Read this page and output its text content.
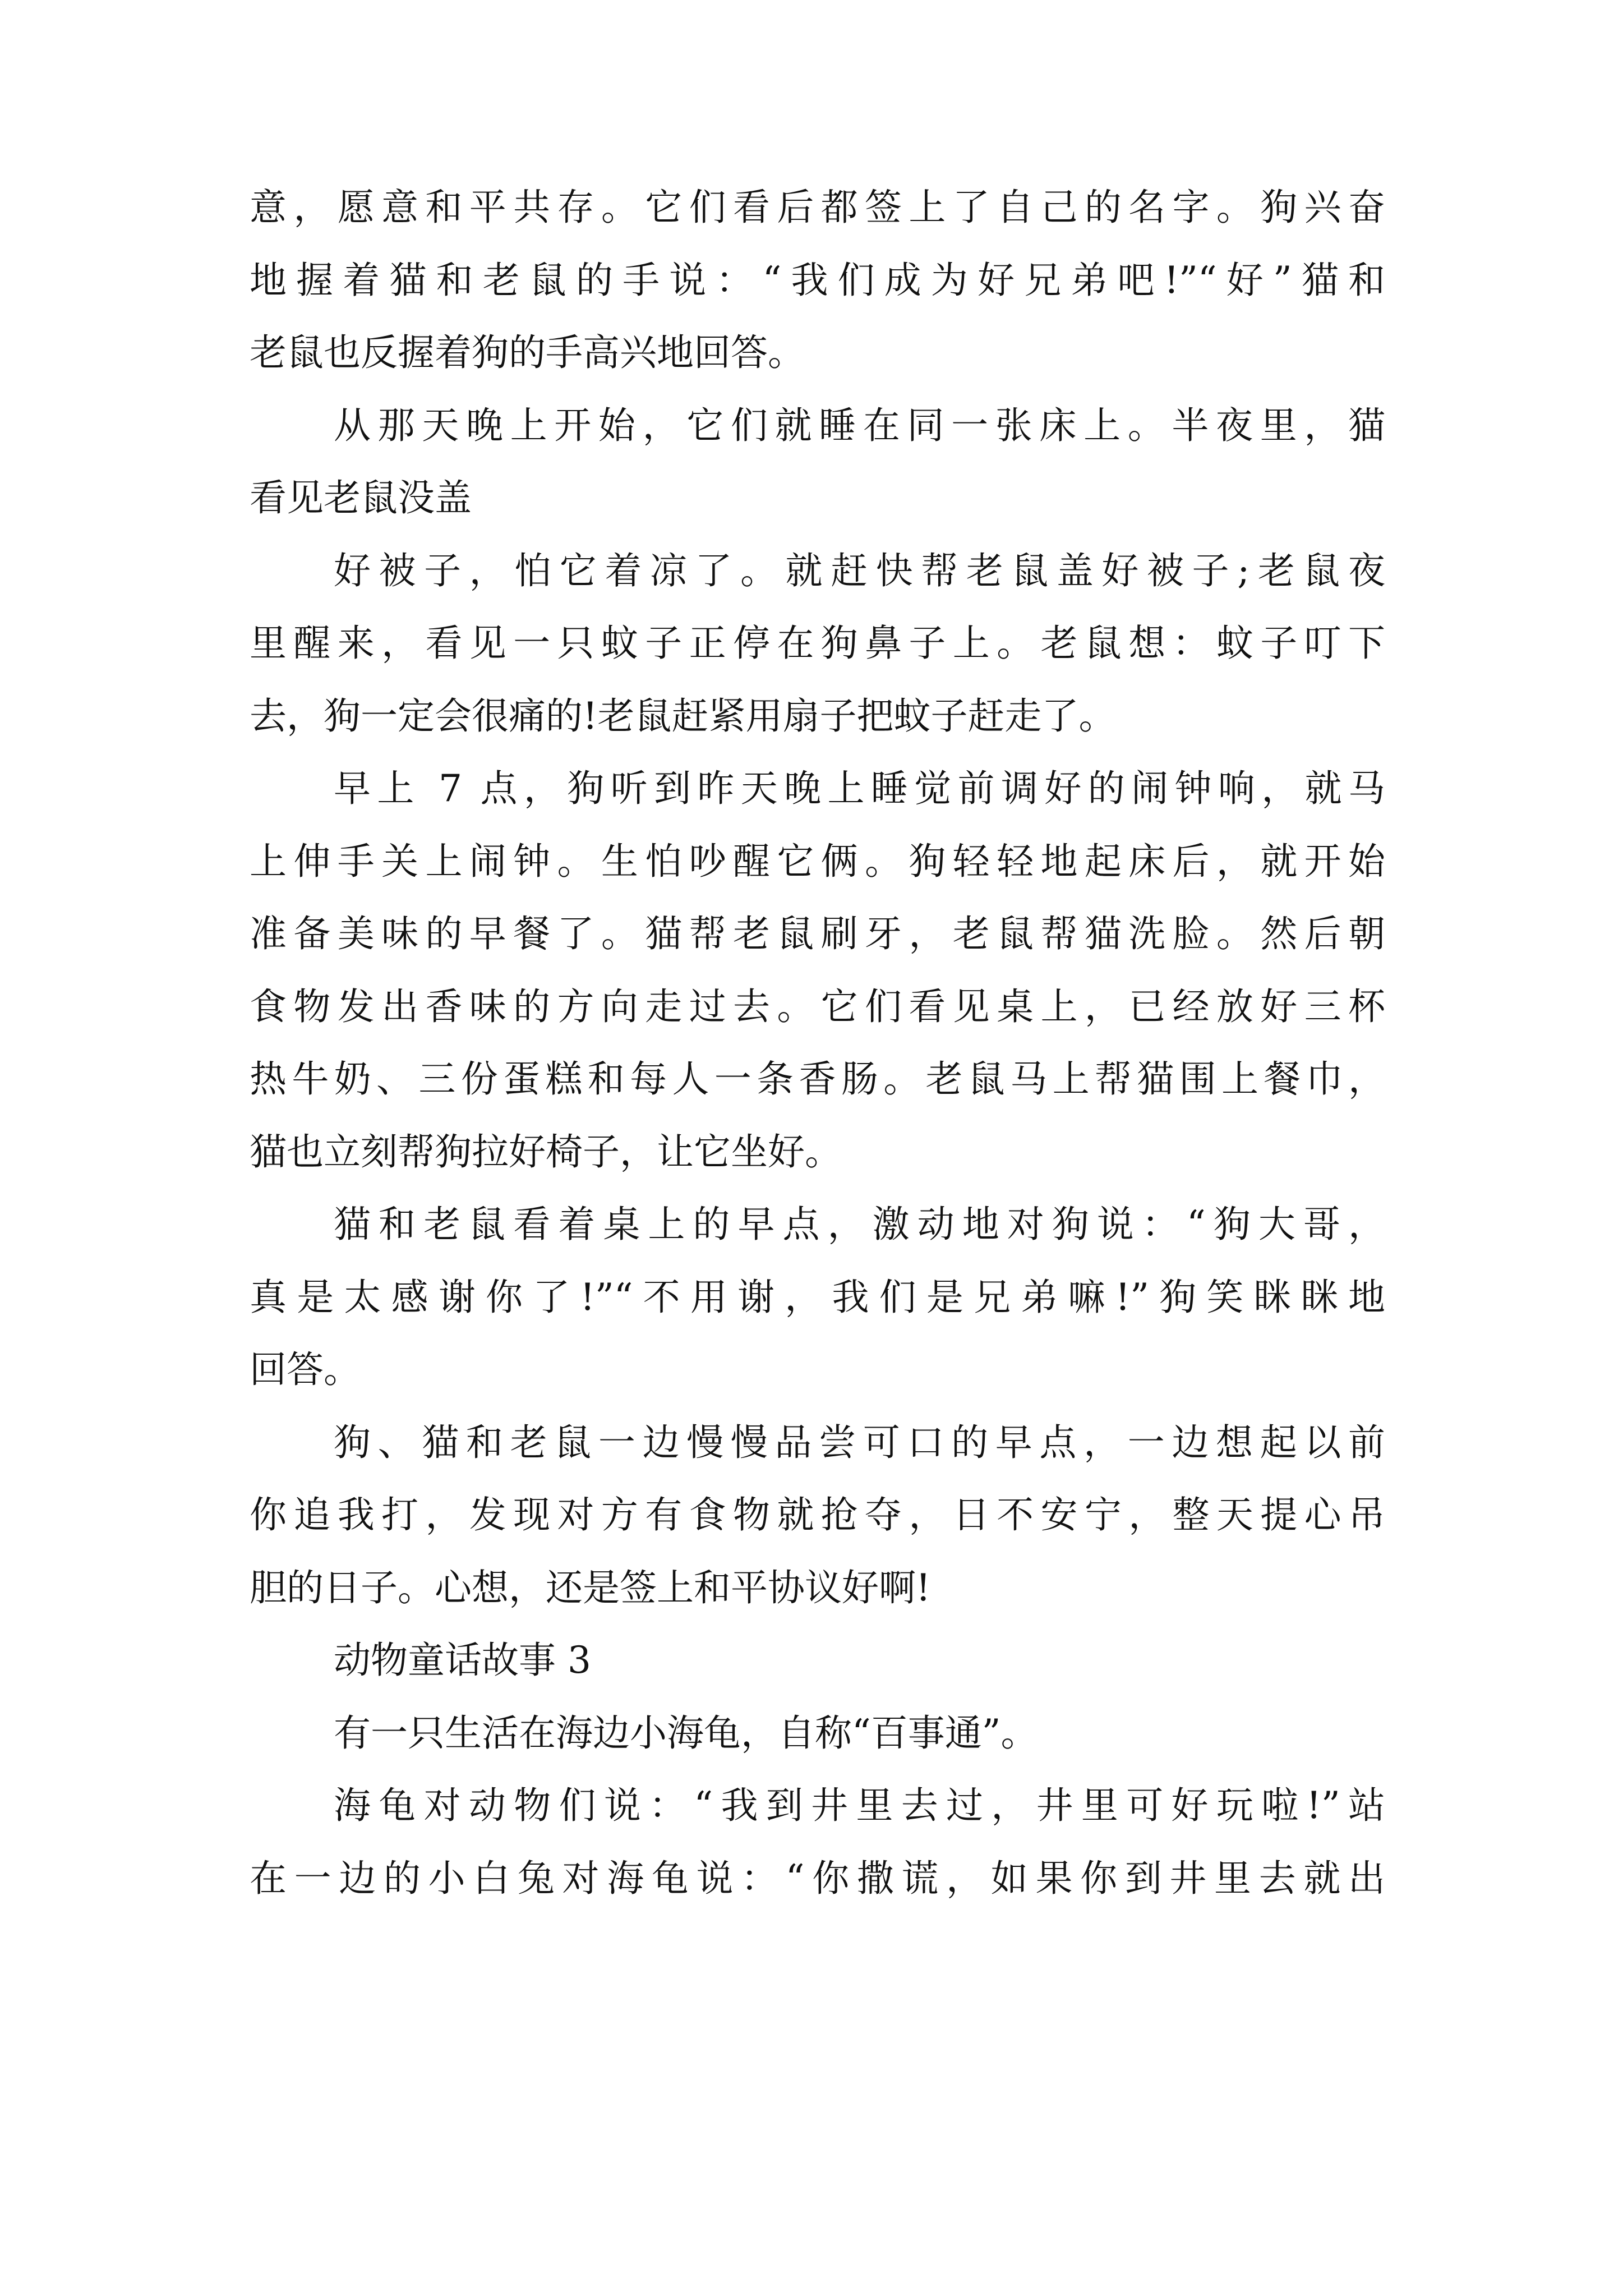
意，愿意和平共存。它们看后都签上了自己的名字。狗兴奋
地握着猫和老鼠的手说：“我们成为好兄弟吧!”“好”猫和
老鼠也反握着狗的手高兴地回答。
从那天晚上开始，它们就睡在同一张床上。半夜里，猫
看见老鼠没盖
好被子，怕它着凉了。就赶快帮老鼠盖好被子;老鼠夜
里醒来，看见一只蚊子正停在狗鼻子上。老鼠想：蚊子叮下
去，狗一定会很痛的!老鼠赶紧用扇子把蚊子赶走了。
早上 7 点，狗听到昨天晚上睡觉前调好的闹钟响，就马
上伸手关上闹钟。生怕吵醒它俩。狗轻轻地起床后，就开始
准备美味的早餐了。猫帮老鼠刷牙，老鼠帮猫洗脸。然后朝
食物发出香味的方向走过去。它们看见桌上，已经放好三杯
热牛奶、三份蛋糕和每人一条香肠。老鼠马上帮猫围上餐巾，
猫也立刻帮狗拉好椅子，让它坐好。
猫和老鼠看着桌上的早点，激动地对狗说：“狗大哥，
真是太感谢你了!”“不用谢，我们是兄弟嘛!”狗笑眯眯地
回答。
狗、猫和老鼠一边慢慢品尝可口的早点，一边想起以前
你追我打，发现对方有食物就抢夺，日不安宁，整天提心吊
胆的日子。心想，还是签上和平协议好啊!
动物童话故事 3
有一只生活在海边小海龟，自称“百事通”。
海龟对动物们说：“我到井里去过，井里可好玩啦!”站
在一边的小白兔对海龟说：“你撒谎，如果你到井里去就出
